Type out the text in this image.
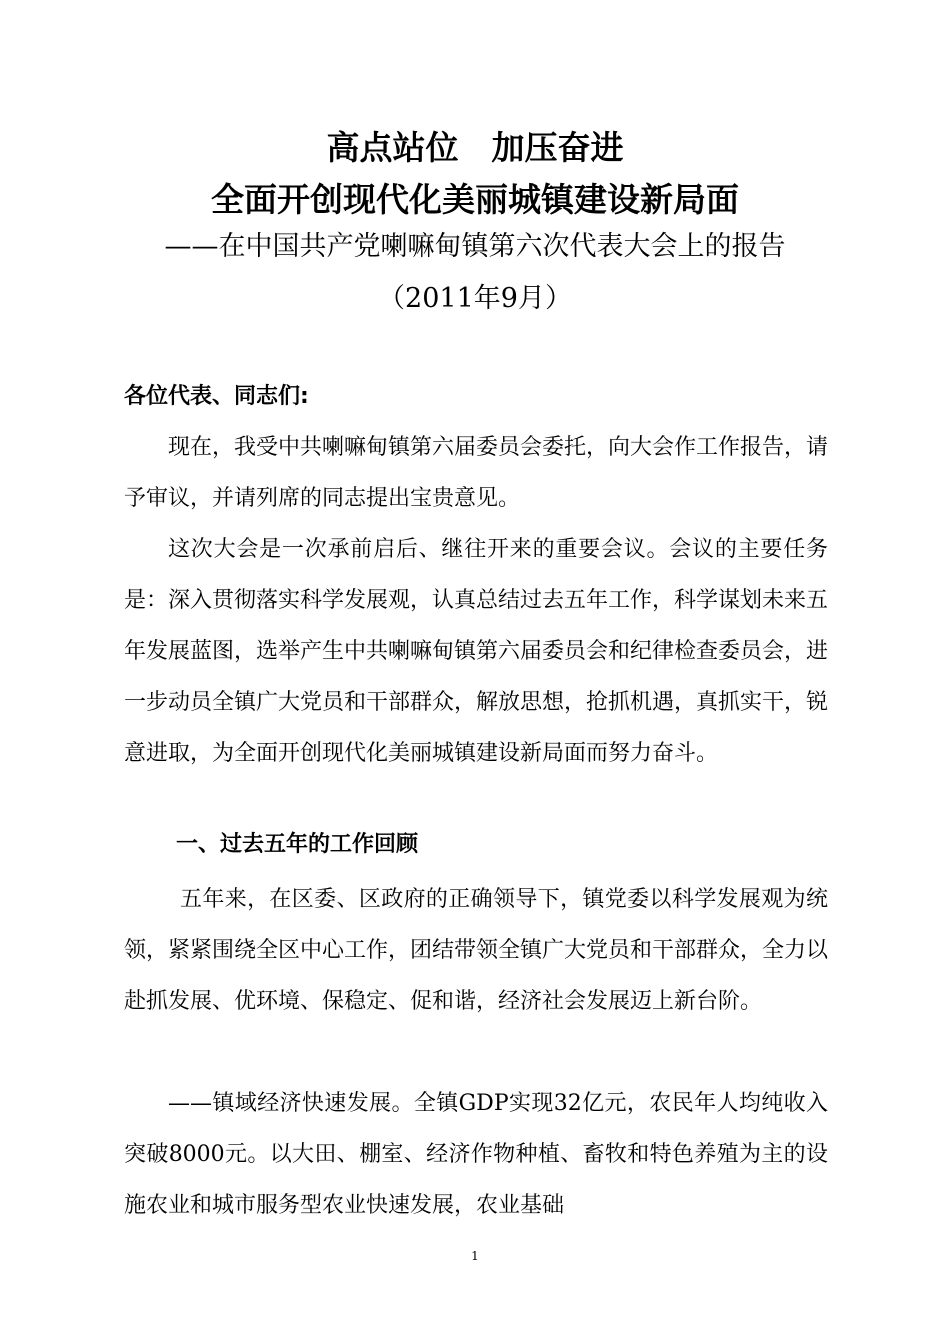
高点站位　加压奋进
全面开创现代化美丽城镇建设新局面
——在中国共产党喇嘛甸镇第六次代表大会上的报告
（2011年9月）
各位代表、同志们:

现在，我受中共喇嘛甸镇第六届委员会委托，向大会作工作报告，请予审议，并请列席的同志提出宝贵意见。

这次大会是一次承前启后、继往开来的重要会议。会议的主要任务是：深入贯彻落实科学发展观，认真总结过去五年工作，科学谋划未来五年发展蓝图，选举产生中共喇嘛甸镇第六届委员会和纪律检查委员会，进一步动员全镇广大党员和干部群众，解放思想，抢抓机遇，真抓实干，锐意进取，为全面开创现代化美丽城镇建设新局面而努力奋斗。

一、过去五年的工作回顾

五年来，在区委、区政府的正确领导下，镇党委以科学发展观为统领，紧紧围绕全区中心工作，团结带领全镇广大党员和干部群众，全力以赴抓发展、优环境、保稳定、促和谐，经济社会发展迈上新台阶。

——镇域经济快速发展。全镇GDP实现32亿元，农民年人均纯收入突破8000元。以大田、棚室、经济作物种植、畜牧和特色养殖为主的设施农业和城市服务型农业快速发展，农业基础

1
